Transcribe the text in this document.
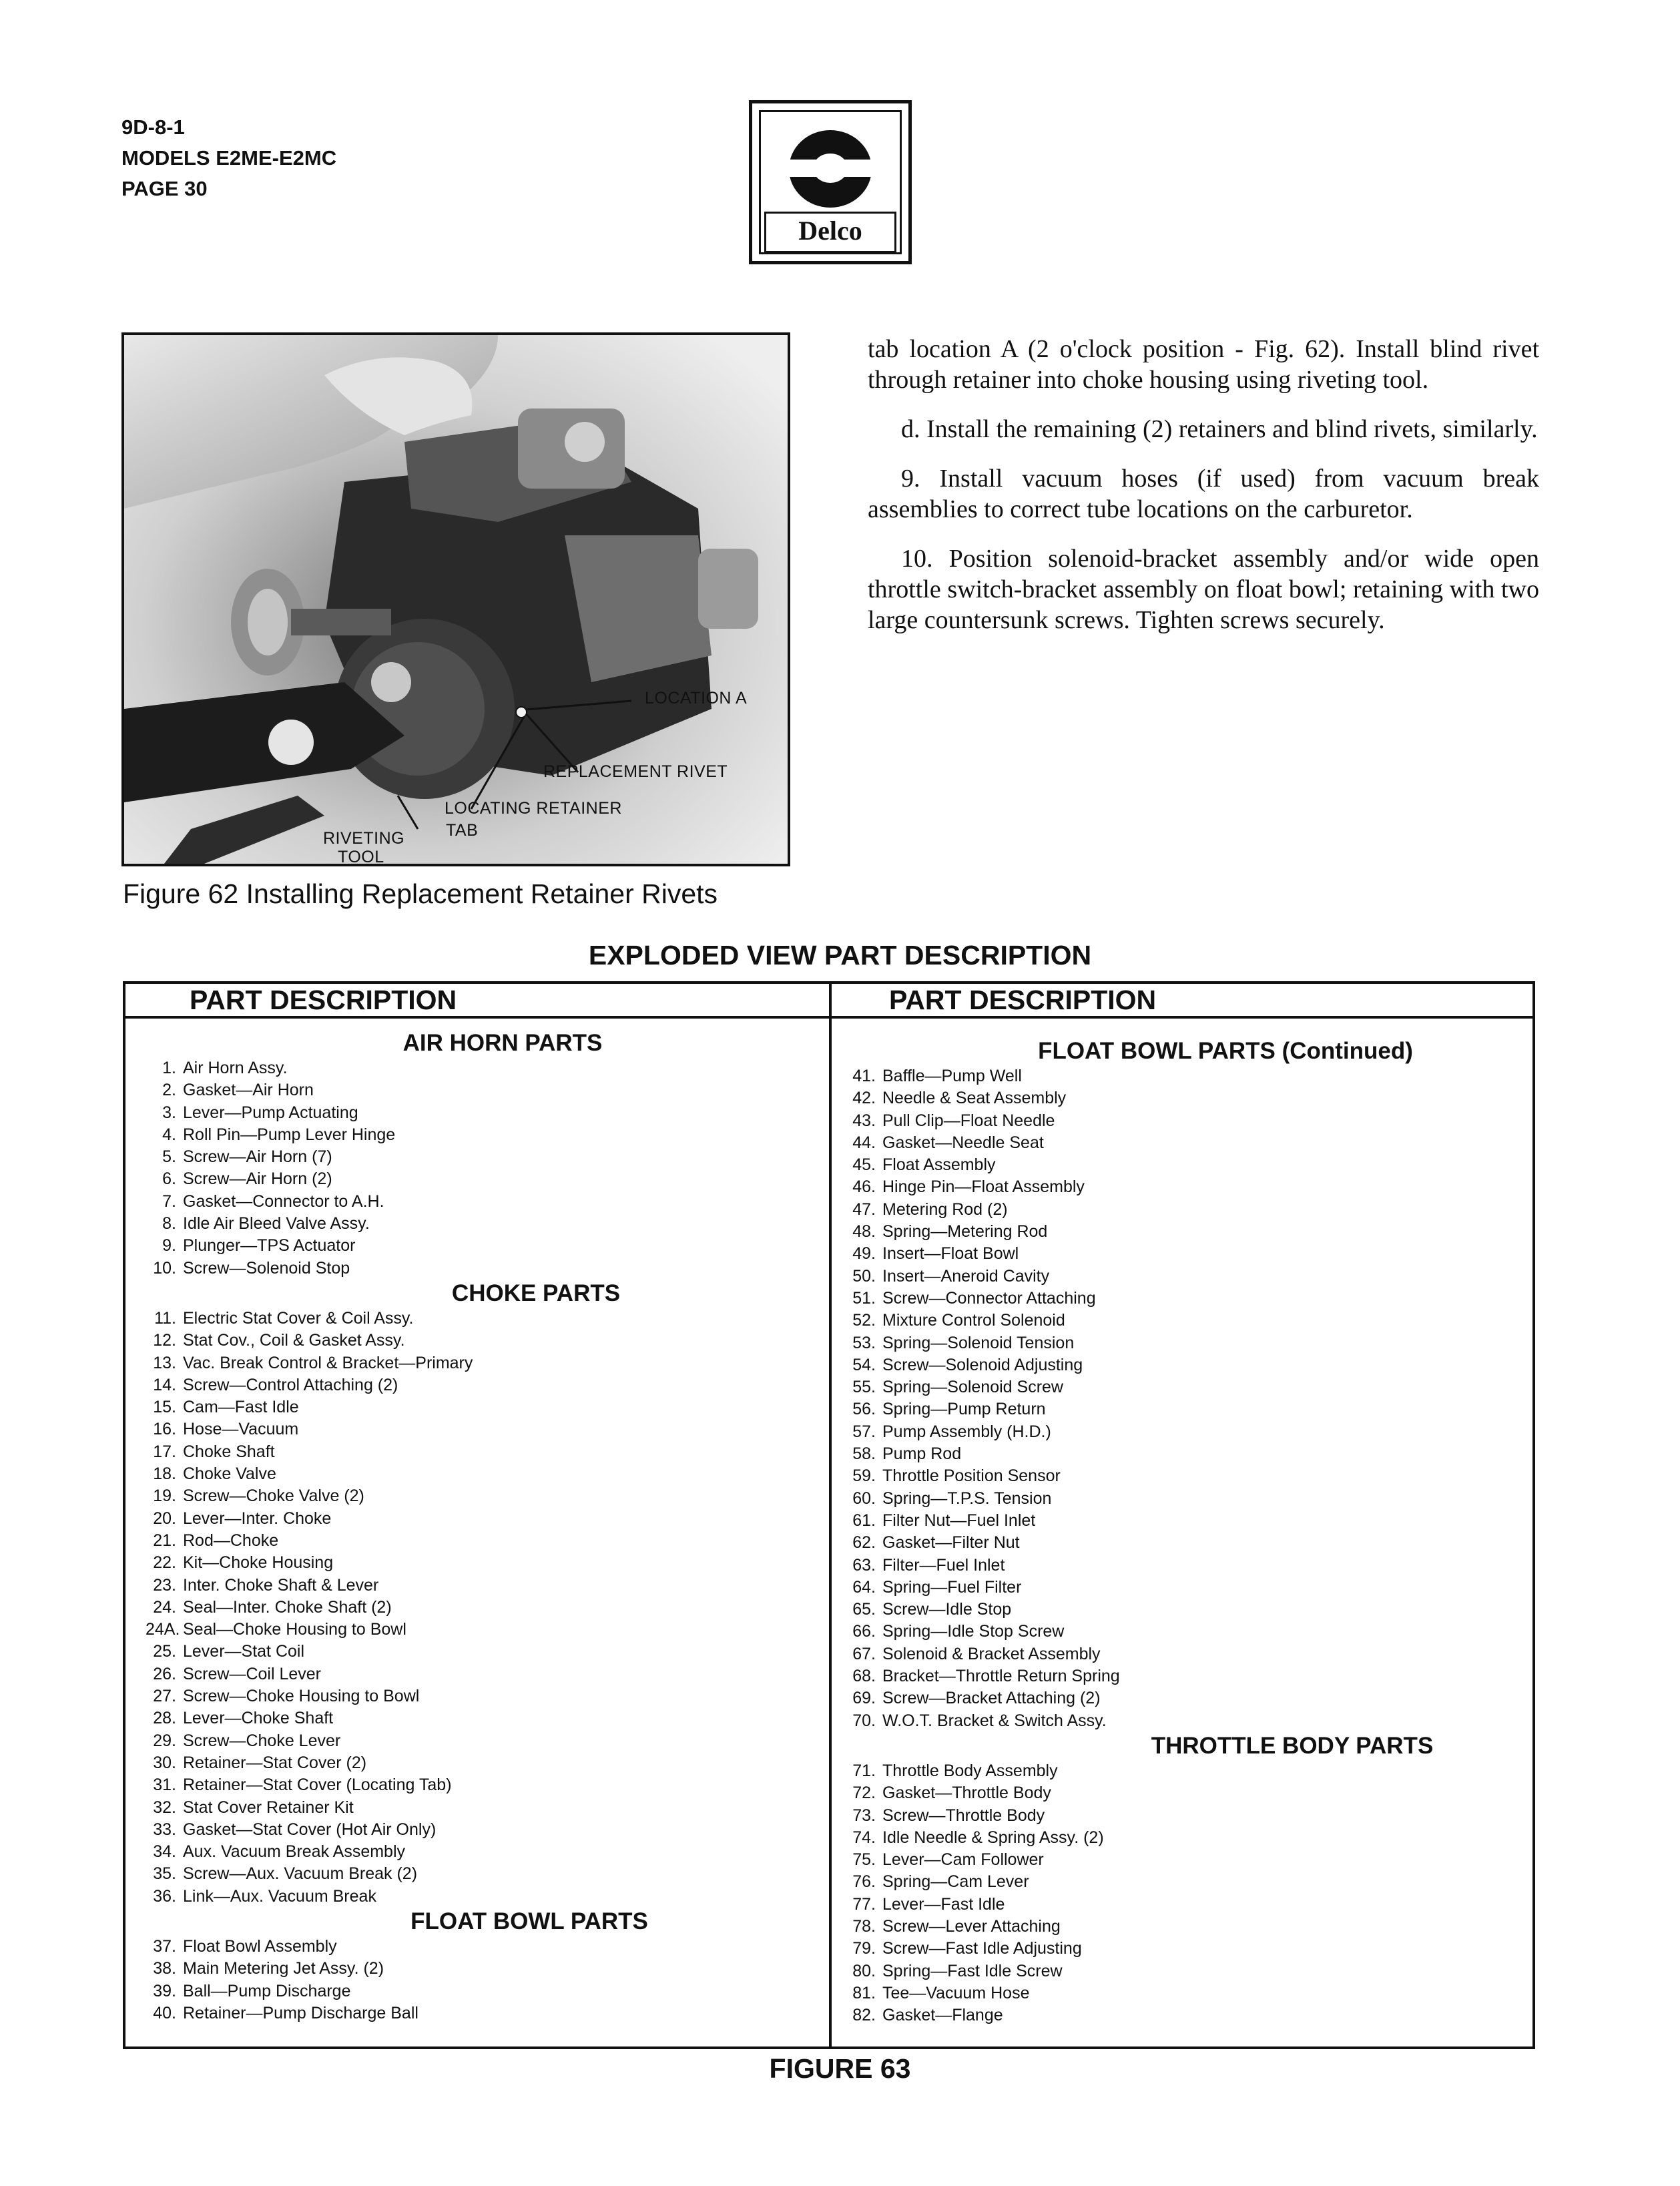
9D-8-1
MODELS E2ME-E2MC
PAGE 30
Delco
LOCATION A
REPLACEMENT RIVET
LOCATING RETAINER
TAB
RIVETING
TOOL
Figure 62 Installing Replacement Retainer Rivets

tab location A (2 o'clock position - Fig. 62). Install blind rivet through retainer into choke housing using riveting tool.

d. Install the remaining (2) retainers and blind rivets, similarly.

9. Install vacuum hoses (if used) from vacuum break assemblies to correct tube locations on the carburetor.

10. Position solenoid-bracket assembly and/or wide open throttle switch-bracket assembly on float bowl; retaining with two large countersunk screws. Tighten screws securely.

EXPLODED VIEW PART DESCRIPTION
PART DESCRIPTION	PART DESCRIPTION
AIR HORN PARTS
1. Air Horn Assy.
2. Gasket—Air Horn
3. Lever—Pump Actuating
4. Roll Pin—Pump Lever Hinge
5. Screw—Air Horn (7)
6. Screw—Air Horn (2)
7. Gasket—Connector to A.H.
8. Idle Air Bleed Valve Assy.
9. Plunger—TPS Actuator
10. Screw—Solenoid Stop
CHOKE PARTS
11. Electric Stat Cover & Coil Assy.
12. Stat Cov., Coil & Gasket Assy.
13. Vac. Break Control & Bracket—Primary
14. Screw—Control Attaching (2)
15. Cam—Fast Idle
16. Hose—Vacuum
17. Choke Shaft
18. Choke Valve
19. Screw—Choke Valve (2)
20. Lever—Inter. Choke
21. Rod—Choke
22. Kit—Choke Housing
23. Inter. Choke Shaft & Lever
24. Seal—Inter. Choke Shaft (2)
24A. Seal—Choke Housing to Bowl
25. Lever—Stat Coil
26. Screw—Coil Lever
27. Screw—Choke Housing to Bowl
28. Lever—Choke Shaft
29. Screw—Choke Lever
30. Retainer—Stat Cover (2)
31. Retainer—Stat Cover (Locating Tab)
32. Stat Cover Retainer Kit
33. Gasket—Stat Cover (Hot Air Only)
34. Aux. Vacuum Break Assembly
35. Screw—Aux. Vacuum Break (2)
36. Link—Aux. Vacuum Break
FLOAT BOWL PARTS
37. Float Bowl Assembly
38. Main Metering Jet Assy. (2)
39. Ball—Pump Discharge
40. Retainer—Pump Discharge Ball
FLOAT BOWL PARTS (Continued)
41. Baffle—Pump Well
42. Needle & Seat Assembly
43. Pull Clip—Float Needle
44. Gasket—Needle Seat
45. Float Assembly
46. Hinge Pin—Float Assembly
47. Metering Rod (2)
48. Spring—Metering Rod
49. Insert—Float Bowl
50. Insert—Aneroid Cavity
51. Screw—Connector Attaching
52. Mixture Control Solenoid
53. Spring—Solenoid Tension
54. Screw—Solenoid Adjusting
55. Spring—Solenoid Screw
56. Spring—Pump Return
57. Pump Assembly (H.D.)
58. Pump Rod
59. Throttle Position Sensor
60. Spring—T.P.S. Tension
61. Filter Nut—Fuel Inlet
62. Gasket—Filter Nut
63. Filter—Fuel Inlet
64. Spring—Fuel Filter
65. Screw—Idle Stop
66. Spring—Idle Stop Screw
67. Solenoid & Bracket Assembly
68. Bracket—Throttle Return Spring
69. Screw—Bracket Attaching (2)
70. W.O.T. Bracket & Switch Assy.
THROTTLE BODY PARTS
71. Throttle Body Assembly
72. Gasket—Throttle Body
73. Screw—Throttle Body
74. Idle Needle & Spring Assy. (2)
75. Lever—Cam Follower
76. Spring—Cam Lever
77. Lever—Fast Idle
78. Screw—Lever Attaching
79. Screw—Fast Idle Adjusting
80. Spring—Fast Idle Screw
81. Tee—Vacuum Hose
82. Gasket—Flange
FIGURE 63
